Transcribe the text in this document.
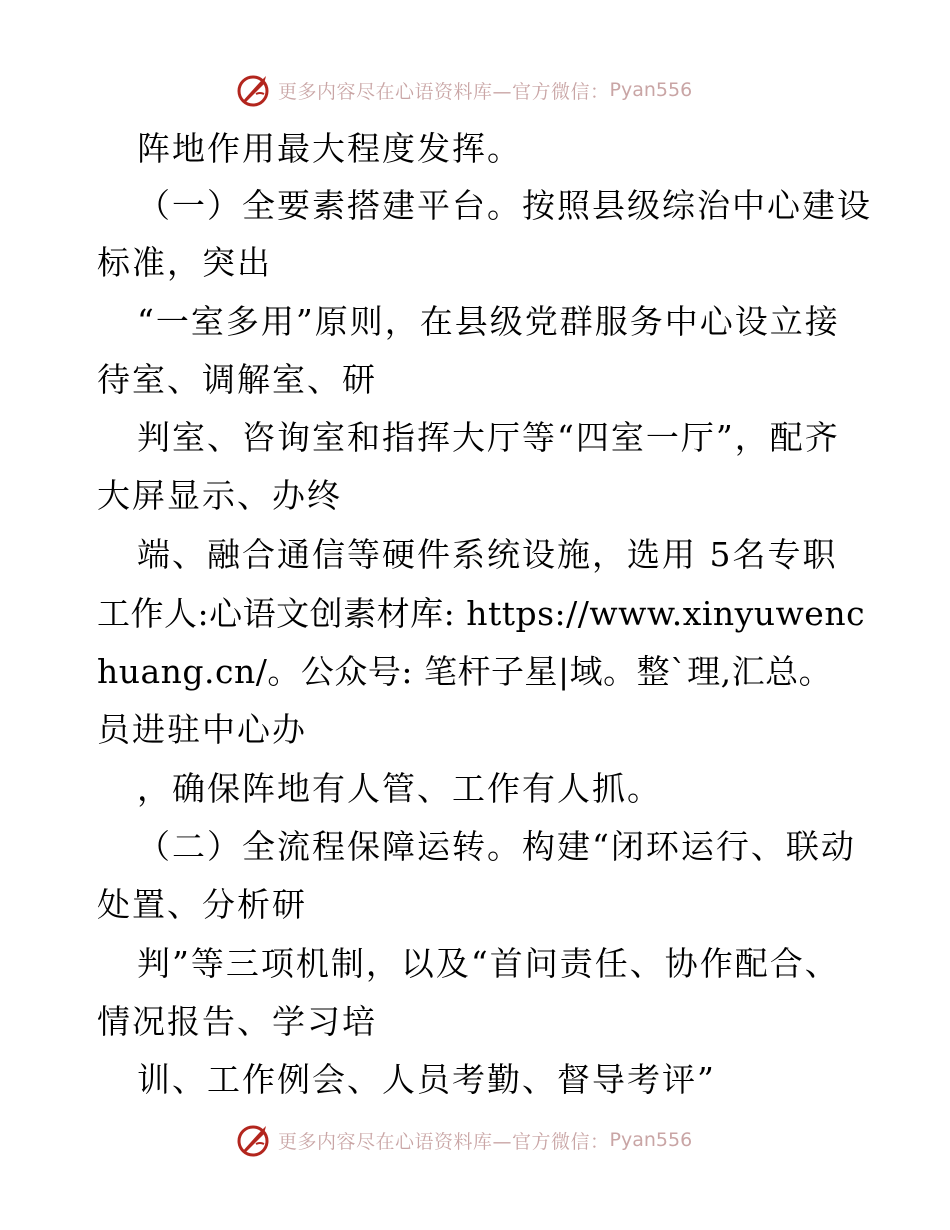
更多内容尽在心语资料库—官方微信： Pyan556
阵地作用最大程度发挥。
（一）全要素搭建平台。按照县级综治中心建设
标准，突出
“一室多用”原则，在县级党群服务中心设立接
待室、调解室、研
判室、咨询室和指挥大厅等“四室一厅”，配齐
大屏显示、办终
端、融合通信等硬件系统设施，选用 5名专职
工作人:心语文创素材库: https://www.xinyuwenc
huang.cn/。公众号: 笔杆子星|域。整`理,汇总。
员进驻中心办
，确保阵地有人管、工作有人抓。
（二）全流程保障运转。构建“闭环运行、联动
处置、分析研
判”等三项机制，以及“首问责任、协作配合、
情况报告、学习培
训、工作例会、人员考勤、督导考评”
更多内容尽在心语资料库—官方微信： Pyan556
